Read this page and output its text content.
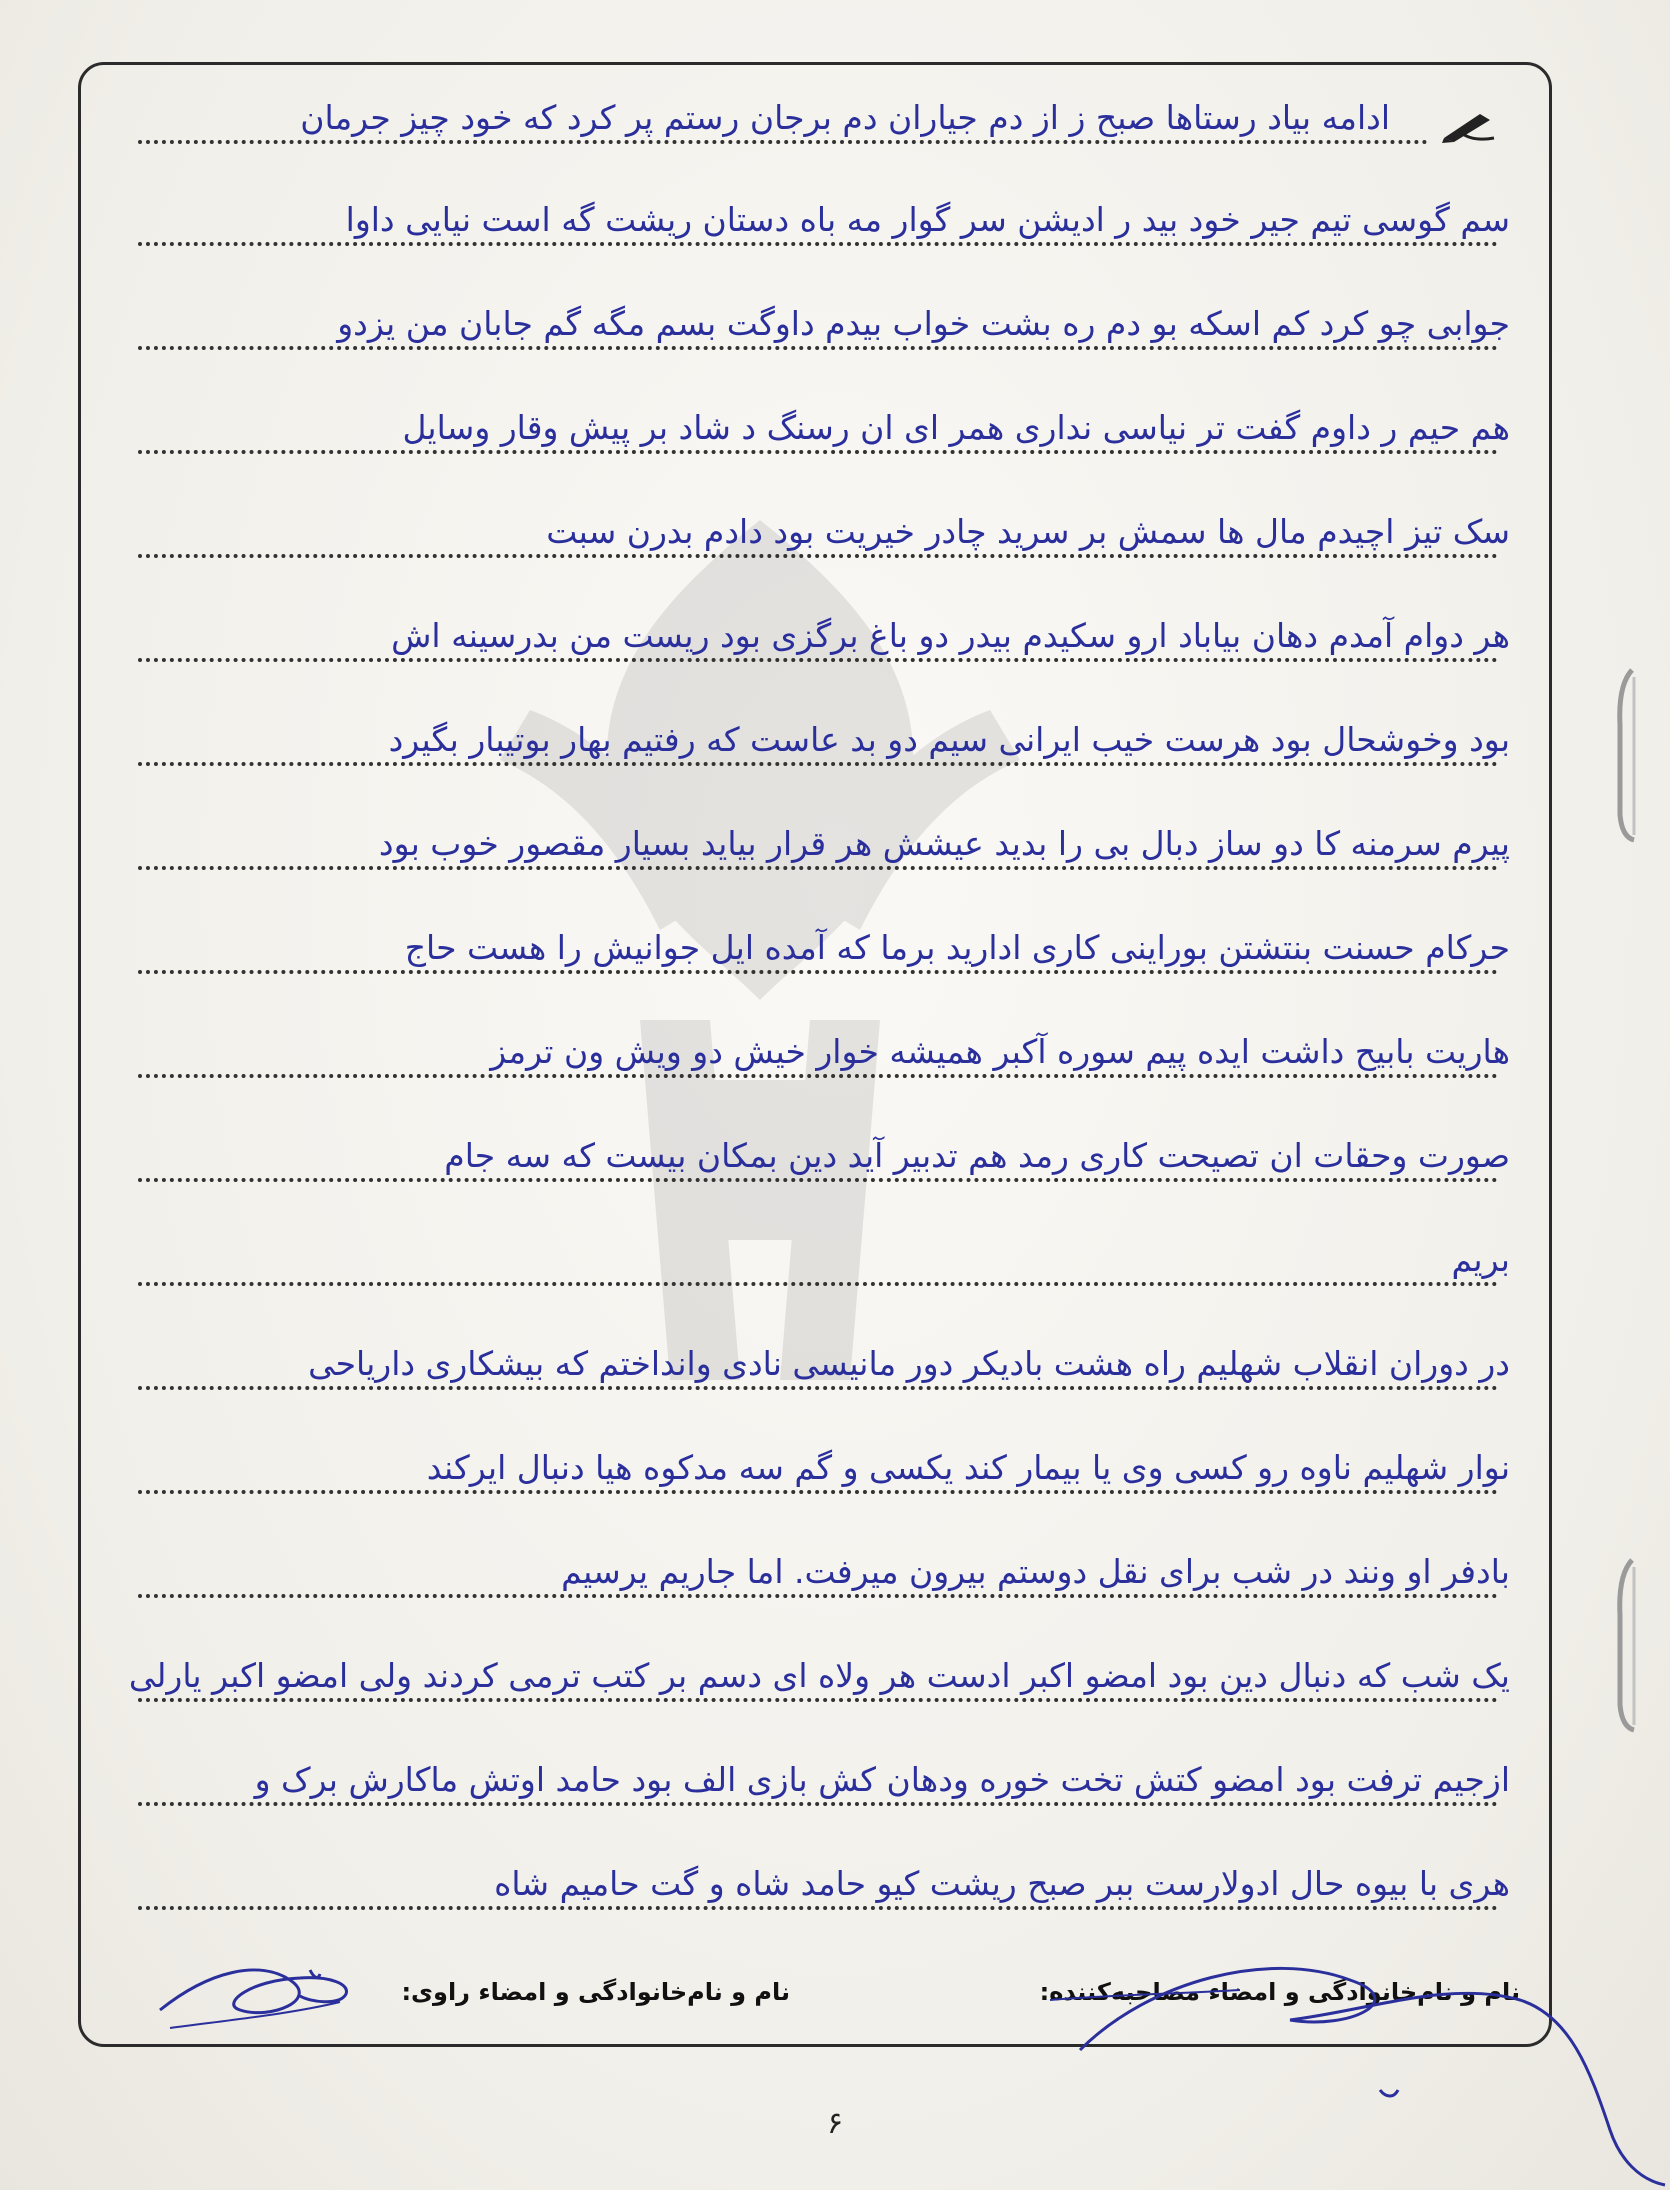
ادامه بیاد رستاها صبح ز از دم جیاران دم برجان رستم پر کرد که خود چیز جرمان
سم گوسی تیم جیر خود بید ر ادیشن سر گوار مه باه دستان ریشت گه است نیایی داوا
جوابی چو کرد کم اسکه بو دم ره بشت خواب بیدم داوگت بسم مگه گم جابان من یزدو
هم حیم ر داوم گفت تر نیاسی نداری همر ای ان رسنگ د شاد بر پیش وقار وسایل
سک تیز اچیدم مال ها سمش بر سرید چادر خیریت بود دادم بدرن سبت
هر دوام آمدم دهان بیاباد ارو سکیدم بیدر دو باغ برگزی بود ریست من بدرسینه اش
بود وخوشحال بود هرست خیب ایرانی سیم دو بد عاست که رفتیم بهار بوتیبار بگیرد
پیرم سرمنه کا دو ساز دبال بی را بدید عیشش هر قرار بیاید بسیار مقصور خوب بود
حرکام حسنت بنتشتن بوراینی کاری ادارید برما که آمده ایل جوانیش را هست حاج
هاریت بابیح داشت ایده پیم سوره آکبر همیشه خوار خیش دو ویش ون ترمز
صورت وحقات ان تصیحت کاری رمد هم تدبیر آید دین بمکان بیست که سه جام
بریم
در دوران انقلاب شهلیم راه هشت بادیکر دور مانیسی نادی وانداختم که بیشکاری داریاحی
نوار شهلیم ناوه رو کسی وی یا بیمار کند یکسی و گم سه مدکوه هیا دنبال ایرکند
بادفر او ونند در شب برای نقل دوستم بیرون میرفت. اما جاریم یرسیم
یک شب که دنبال دین بود امضو اکبر ادست هر ولاه ای دسم بر کتب ترمی کردند ولی امضو اکبر یارلی
ازجیم ترفت بود امضو کتش تخت خوره ودهان کش بازی الف بود حامد اوتش ماکارش برک و
هری با بیوه حال ادولارست ببر صبح ریشت کیو حامد شاه و گت حامیم شاه
نام و نام‌خانوادگی و امضاء مصاحبه‌کننده:
نام و نام‌خانوادگی و امضاء راوی:
۶
